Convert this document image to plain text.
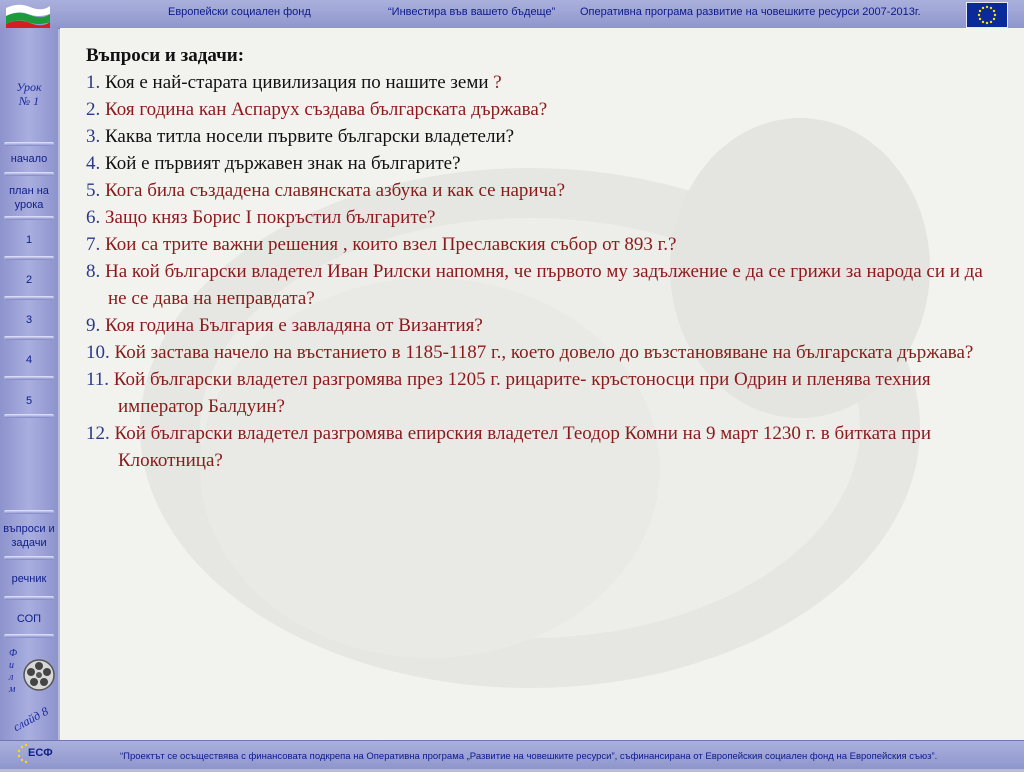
Европейски социален фонд	“Инвестира във вашето бъдеще” Оперативна програма развитие на човешките ресурси 2007-2013г.
Урок
№ 1
начало
план на урока
1
2
3
4
5
въпроси и задачи
речник
СОП
Ф и л м
слайд 8
Въпроси и задачи:
1. Коя е най-старата цивилизация по нашите земи ?
2. Коя година кан Аспарух създава българската държава?
3. Каква титла носели първите български владетели?
4. Кой е първият държавен знак на българите?
5. Кога била създадена славянската азбука и как се нарича?
6. Защо княз Борис I покръстил българите?
7. Кои са трите важни решения , които взел Преславския събор от 893 г.?
8. На кой български владетел Иван Рилски напомня, че първото му задължение е да се грижи за народа си и да не се дава на неправдата?
9. Коя година България е завладяна от Византия?
10. Кой застава начело на въстанието в 1185-1187 г., което довело до възстановяване на българската държава?
11. Кой български владетел разгромява през 1205 г. рицарите- кръстоносци при Одрин и пленява техния император Балдуин?
12. Кой български владетел разгромява епирския владетел Теодор Комни на 9 март 1230 г. в битката при Клокотница?
“Проектът се осъществява с финансовата подкрепа на Оперативна програма „Развитие на човешките ресурси”, съфинансирана от Европейския социален фонд на Европейския съюз”.
ЕСФ
